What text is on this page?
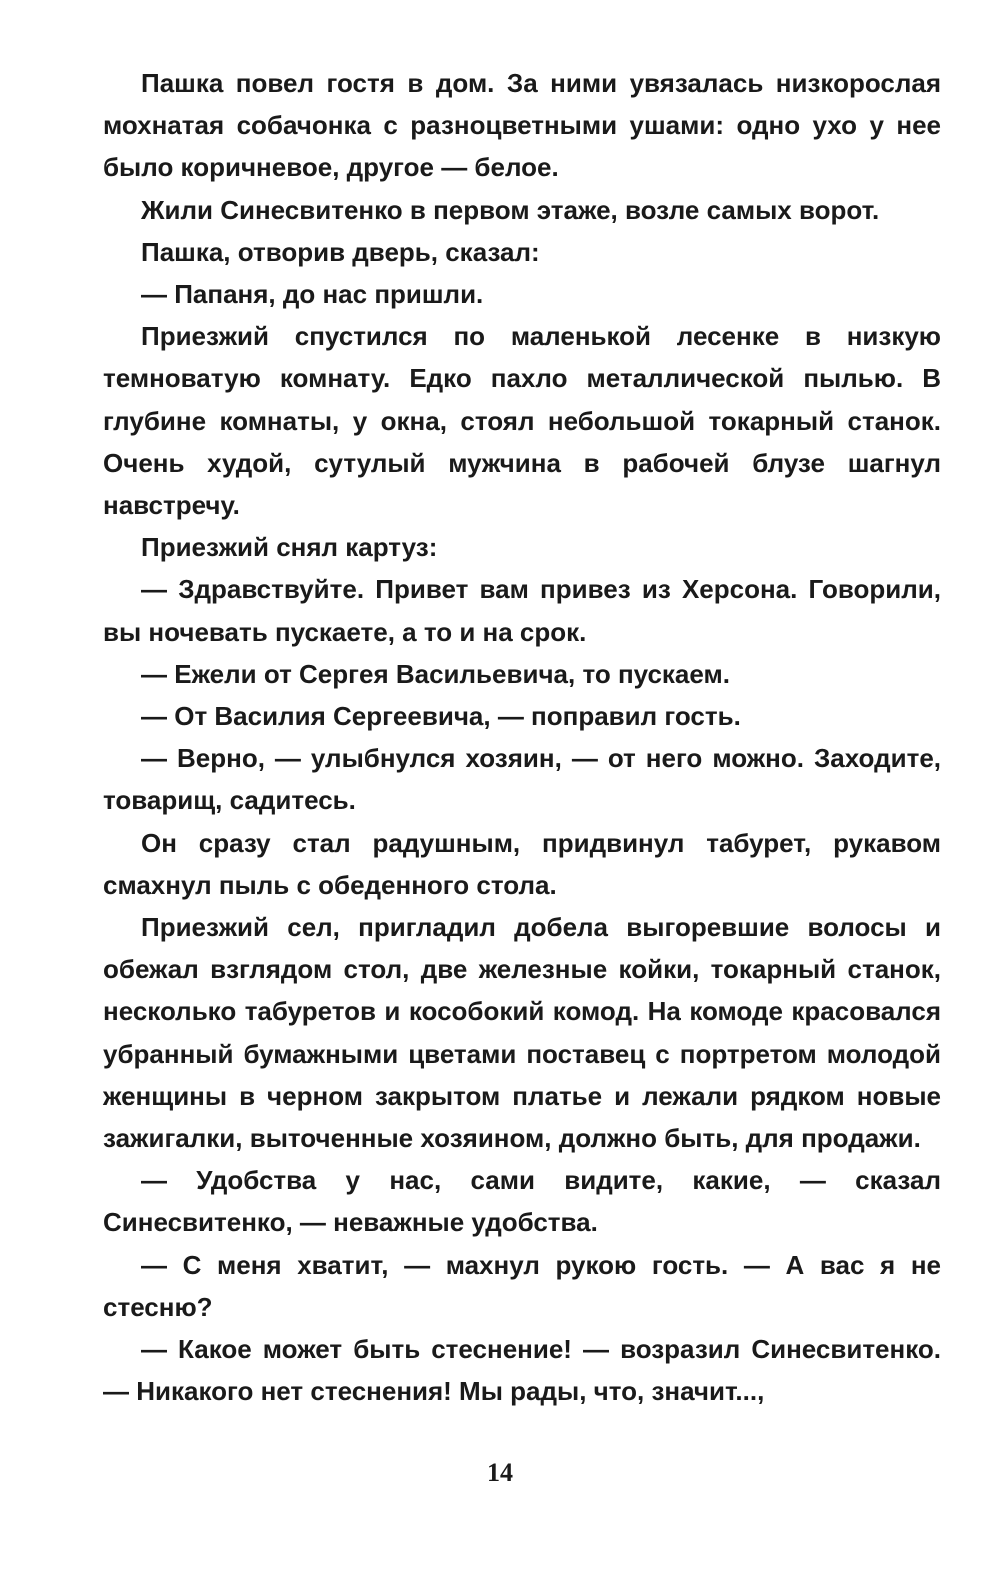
Пашка повел гостя в дом. За ними увязалась низкорослая мохнатая собачонка с разноцветными ушами: одно ухо у нее было коричневое, другое — белое.

Жили Синесвитенко в первом этаже, возле самых ворот.

Пашка, отворив дверь, сказал:

— Папаня, до нас пришли.

Приезжий спустился по маленькой лесенке в низкую темноватую комнату. Едко пахло металлической пылью. В глубине комнаты, у окна, стоял небольшой токарный станок. Очень худой, сутулый мужчина в рабочей блузе шагнул навстречу.

Приезжий снял картуз:

— Здравствуйте. Привет вам привез из Херсона. Говорили, вы ночевать пускаете, а то и на срок.

— Ежели от Сергея Васильевича, то пускаем.

— От Василия Сергеевича, — поправил гость.

— Верно, — улыбнулся хозяин, — от него можно. Заходите, товарищ, садитесь.

Он сразу стал радушным, придвинул табурет, рукавом смахнул пыль с обеденного стола.

Приезжий сел, пригладил добела выгоревшие волосы и обежал взглядом стол, две железные койки, токарный станок, несколько табуретов и кособокий комод. На комоде красовался убранный бумажными цветами поставец с портретом молодой женщины в черном закрытом платье и лежали рядком новые зажигалки, выточенные хозяином, должно быть, для продажи.

— Удобства у нас, сами видите, какие, — сказал Синесвитенко, — неважные удобства.

— С меня хватит, — махнул рукою гость. — А вас я не стесню?

— Какое может быть стеснение! — возразил Синесвитенко. — Никакого нет стеснения! Мы рады, что, значит...,

14
